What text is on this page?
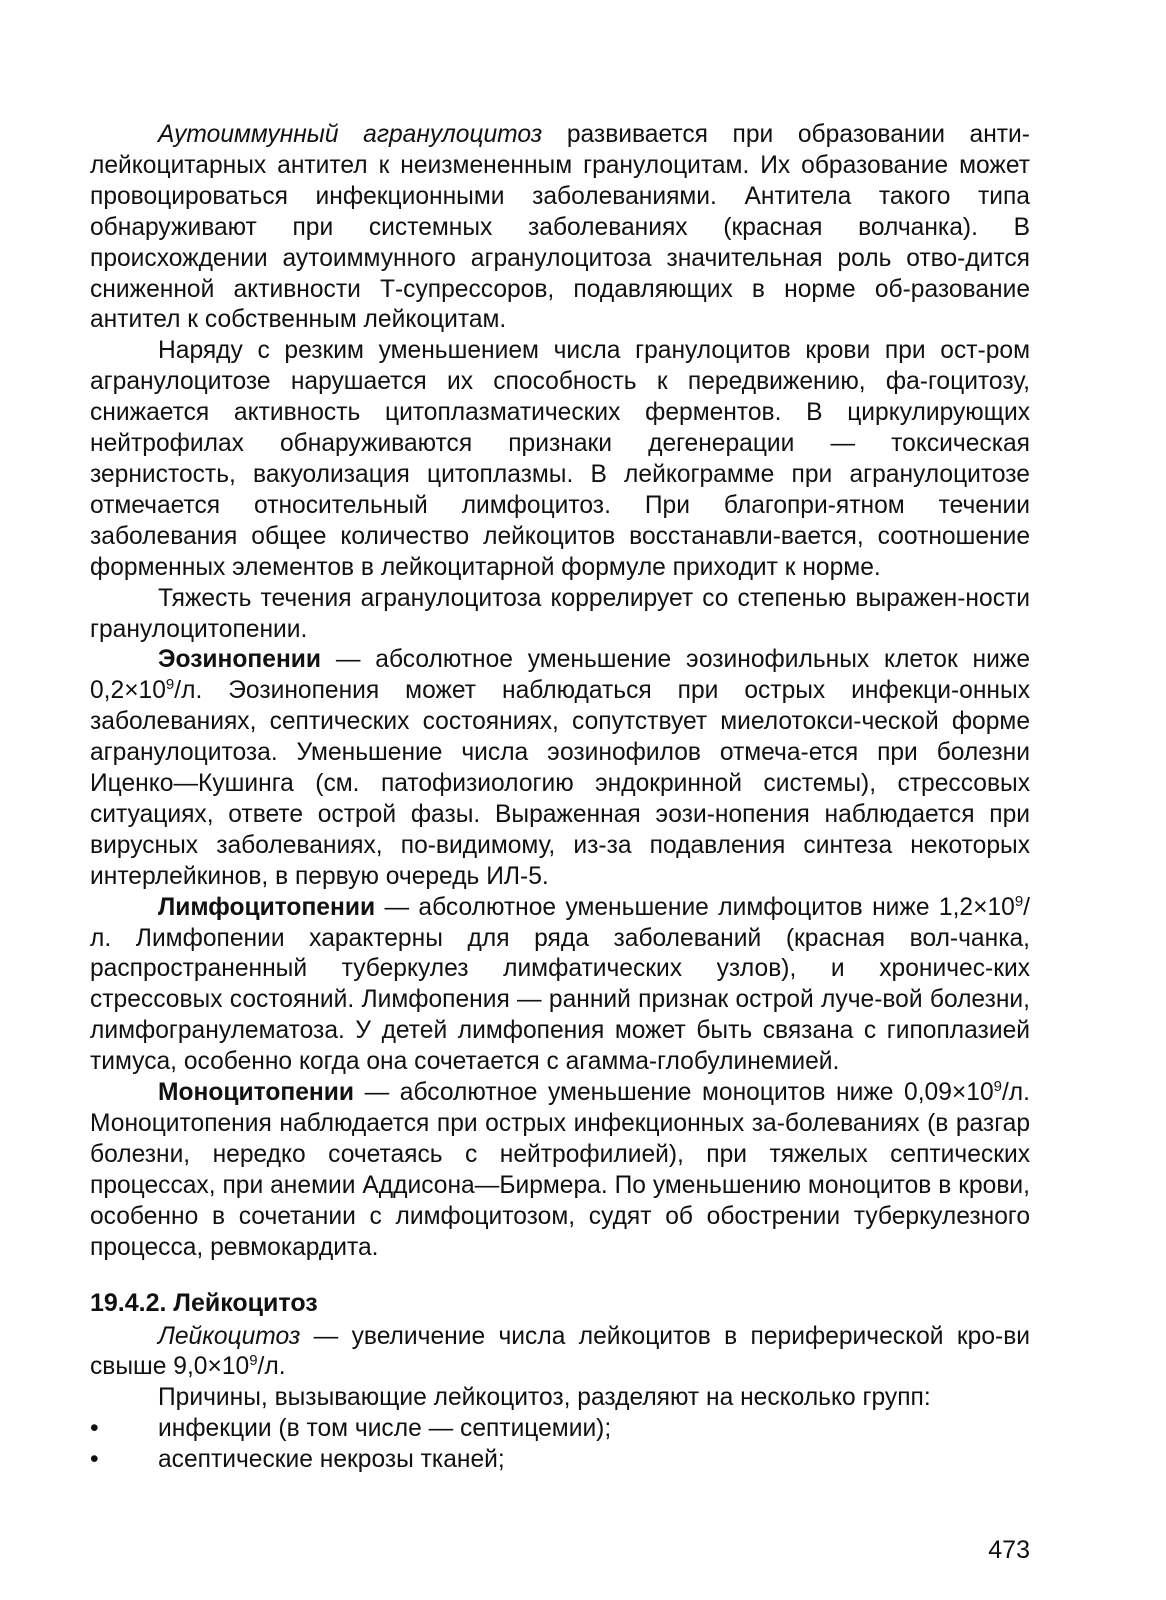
Аутоиммунный агранулоцитоз развивается при образовании анти-лейкоцитарных антител к неизмененным гранулоцитам. Их образование может провоцироваться инфекционными заболеваниями. Антитела такого типа обнаруживают при системных заболеваниях (красная волчанка). В происхождении аутоиммунного агранулоцитоза значительная роль отво-дится сниженной активности Т-супрессоров, подавляющих в норме об-разование антител к собственным лейкоцитам.

Наряду с резким уменьшением числа гранулоцитов крови при ост-ром агранулоцитозе нарушается их способность к передвижению, фа-гоцитозу, снижается активность цитоплазматических ферментов. В циркулирующих нейтрофилах обнаруживаются признаки дегенерации — токсическая зернистость, вакуолизация цитоплазмы. В лейкограмме при агранулоцитозе отмечается относительный лимфоцитоз. При благопри-ятном течении заболевания общее количество лейкоцитов восстанавли-вается, соотношение форменных элементов в лейкоцитарной формуле приходит к норме.

Тяжесть течения агранулоцитоза коррелирует со степенью выражен-ности гранулоцитопении.

Эозинопении — абсолютное уменьшение эозинофильных клеток ниже $0,2\times 10^9/л$. Эозинопения может наблюдаться при острых инфекци-онных заболеваниях, септических состояниях, сопутствует миелотокси-ческой форме агранулоцитоза. Уменьшение числа эозинофилов отмеча-ется при болезни Иценко—Кушинга (см. патофизиологию эндокринной системы), стрессовых ситуациях, ответе острой фазы. Выраженная эози-нопения наблюдается при вирусных заболеваниях, по-видимому, из-за подавления синтеза некоторых интерлейкинов, в первую очередь ИЛ-5.

Лимфоцитопении — абсолютное уменьшение лимфоцитов ниже $1,2\times 10^9/л$. Лимфопении характерны для ряда заболеваний (красная вол-чанка, распространенный туберкулез лимфатических узлов), и хроничес-ких стрессовых состояний. Лимфопения — ранний признак острой луче-вой болезни, лимфогранулематоза. У детей лимфопения может быть связана с гипоплазией тимуса, особенно когда она сочетается с агамма-глобулинемией.

Моноцитопении — абсолютное уменьшение моноцитов ниже $0,09\times 10^9/л$. Моноцитопения наблюдается при острых инфекционных за-болеваниях (в разгар болезни, нередко сочетаясь с нейтрофилией), при тяжелых септических процессах, при анемии Аддисона—Бирмера. По уменьшению моноцитов в крови, особенно в сочетании с лимфоцитозом, судят об обострении туберкулезного процесса, ревмокардита.

19.4.2. Лейкоцитоз

Лейкоцитоз — увеличение числа лейкоцитов в периферической кро-ви свыше $9,0\times 10^9/л$.

Причины, вызывающие лейкоцитоз, разделяют на несколько групп:

• инфекции (в том числе — септицемии);
• асептические некрозы тканей;
473
